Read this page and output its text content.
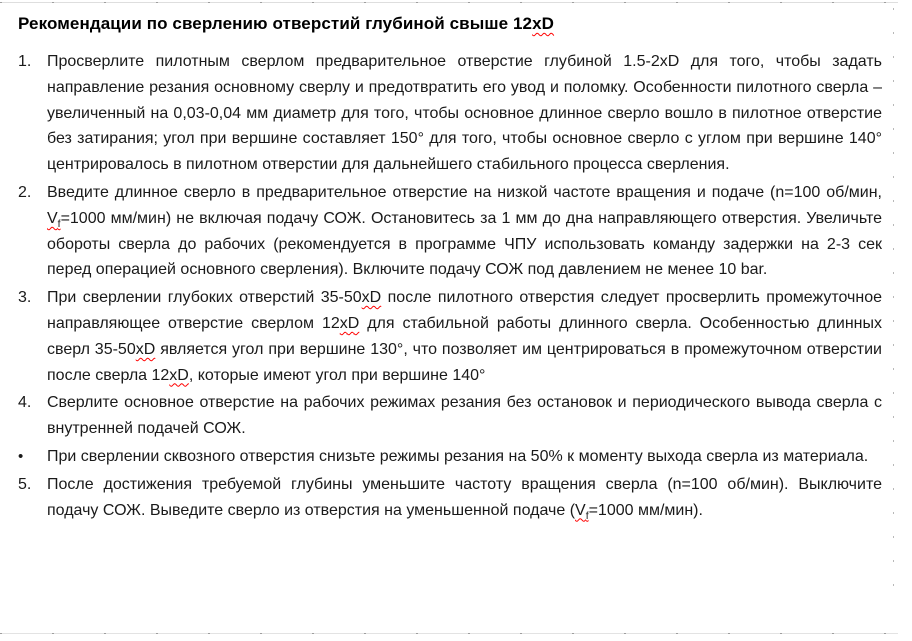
Рекомендации по сверлению отверстий глубиной свыше 12xD
1. Просверлите пилотным сверлом предварительное отверстие глубиной 1.5-2xD для того, чтобы задать направление резания основному сверлу и предотвратить его увод и поломку. Особенности пилотного сверла – увеличенный на 0,03-0,04 мм диаметр для того, чтобы основное длинное сверло вошло в пилотное отверстие без затирания; угол при вершине составляет 150° для того, чтобы основное сверло с углом при вершине 140° центрировалось в пилотном отверстии для дальнейшего стабильного процесса сверления.
2. Введите длинное сверло в предварительное отверстие на низкой частоте вращения и подаче (n=100 об/мин, $V_f=1000$ мм/мин) не включая подачу СОЖ. Остановитесь за 1 мм до дна направляющего отверстия. Увеличьте обороты сверла до рабочих (рекомендуется в программе ЧПУ использовать команду задержки на 2-3 сек перед операцией основного сверления). Включите подачу СОЖ под давлением не менее 10 bar.
3. При сверлении глубоких отверстий 35-50xD после пилотного отверстия следует просверлить промежуточное направляющее отверстие сверлом 12xD для стабильной работы длинного сверла. Особенностью длинных сверл 35-50xD является угол при вершине 130°, что позволяет им центрироваться в промежуточном отверстии после сверла 12xD, которые имеют угол при вершине 140°
4. Сверлите основное отверстие на рабочих режимах резания без остановок и периодического вывода сверла с внутренней подачей СОЖ.
•	При сверлении сквозного отверстия снизьте режимы резания на 50% к моменту выхода сверла из материала.
5. После достижения требуемой глубины уменьшите частоту вращения сверла (n=100 об/мин). Выключите подачу СОЖ. Выведите сверло из отверстия на уменьшенной подаче ($V_f=1000$ мм/мин).
